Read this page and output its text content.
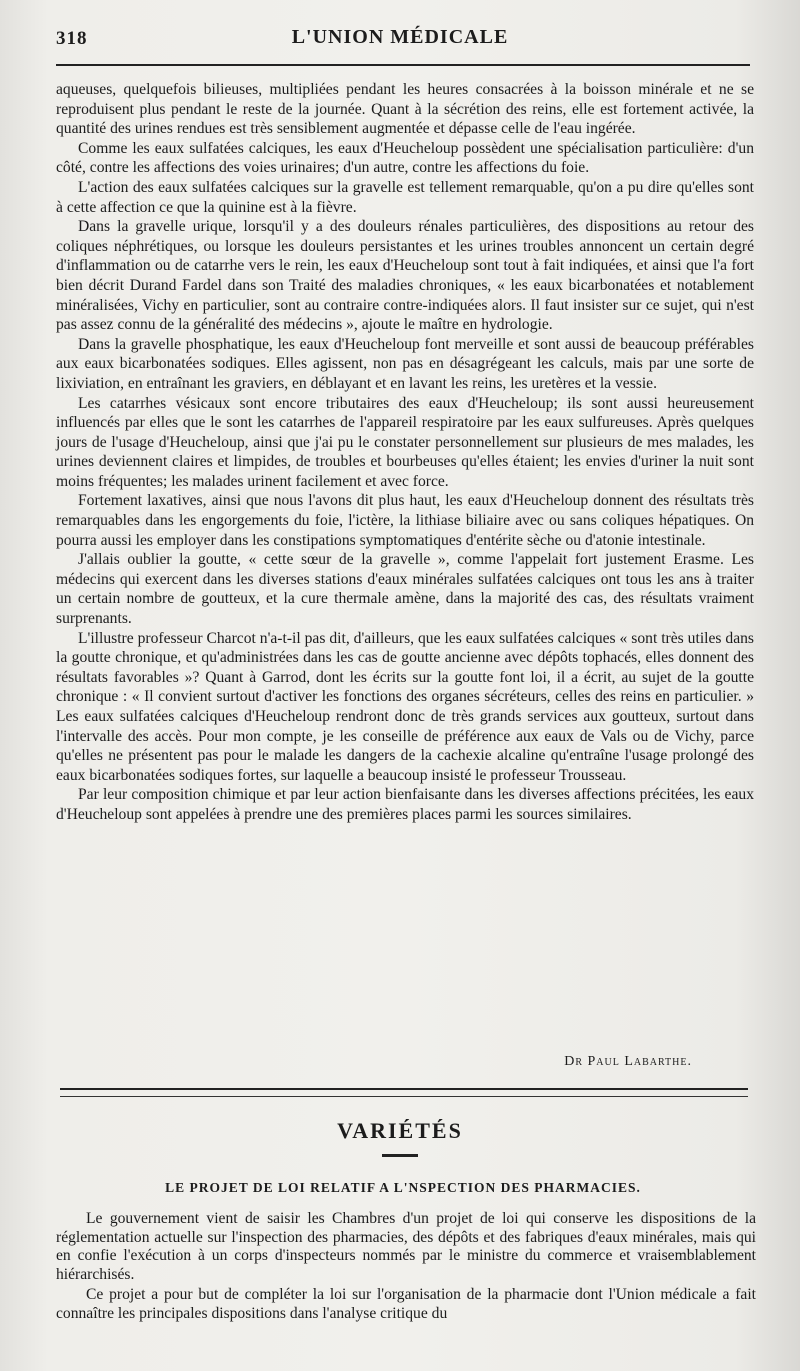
318	L'UNION MÉDICALE

aqueuses, quelquefois bilieuses, multipliées pendant les heures consacrées à la boisson minérale et ne se reproduisent plus pendant le reste de la journée. Quant à la sécrétion des reins, elle est fortement activée, la quantité des urines rendues est très sensiblement augmentée et dépasse celle de l'eau ingérée.

Comme les eaux sulfatées calciques, les eaux d'Heucheloup possèdent une spécialisation particulière: d'un côté, contre les affections des voies urinaires; d'un autre, contre les affections du foie.

L'action des eaux sulfatées calciques sur la gravelle est tellement remarquable, qu'on a pu dire qu'elles sont à cette affection ce que la quinine est à la fièvre.

Dans la gravelle urique, lorsqu'il y a des douleurs rénales particulières, des dispositions au retour des coliques néphrétiques, ou lorsque les douleurs persistantes et les urines troubles annoncent un certain degré d'inflammation ou de catarrhe vers le rein, les eaux d'Heucheloup sont tout à fait indiquées, et ainsi que l'a fort bien décrit Durand Fardel dans son Traité des maladies chroniques, « les eaux bicarbonatées et notablement minéralisées, Vichy en particulier, sont au contraire contre-indiquées alors. Il faut insister sur ce sujet, qui n'est pas assez connu de la généralité des médecins », ajoute le maître en hydrologie.

Dans la gravelle phosphatique, les eaux d'Heucheloup font merveille et sont aussi de beaucoup préférables aux eaux bicarbonatées sodiques. Elles agissent, non pas en désagrégeant les calculs, mais par une sorte de lixiviation, en entraînant les graviers, en déblayant et en lavant les reins, les uretères et la vessie.

Les catarrhes vésicaux sont encore tributaires des eaux d'Heucheloup; ils sont aussi heureusement influencés par elles que le sont les catarrhes de l'appareil respiratoire par les eaux sulfureuses. Après quelques jours de l'usage d'Heucheloup, ainsi que j'ai pu le constater personnellement sur plusieurs de mes malades, les urines deviennent claires et limpides, de troubles et bourbeuses qu'elles étaient; les envies d'uriner la nuit sont moins fréquentes; les malades urinent facilement et avec force.

Fortement laxatives, ainsi que nous l'avons dit plus haut, les eaux d'Heucheloup donnent des résultats très remarquables dans les engorgements du foie, l'ictère, la lithiase biliaire avec ou sans coliques hépatiques. On pourra aussi les employer dans les constipations symptomatiques d'entérite sèche ou d'atonie intestinale.

J'allais oublier la goutte, « cette sœur de la gravelle », comme l'appelait fort justement Erasme. Les médecins qui exercent dans les diverses stations d'eaux minérales sulfatées calciques ont tous les ans à traiter un certain nombre de goutteux, et la cure thermale amène, dans la majorité des cas, des résultats vraiment surprenants.

L'illustre professeur Charcot n'a-t-il pas dit, d'ailleurs, que les eaux sulfatées calciques « sont très utiles dans la goutte chronique, et qu'administrées dans les cas de goutte ancienne avec dépôts tophacés, elles donnent des résultats favorables »? Quant à Garrod, dont les écrits sur la goutte font loi, il a écrit, au sujet de la goutte chronique : « Il convient surtout d'activer les fonctions des organes sécréteurs, celles des reins en particulier. » Les eaux sulfatées calciques d'Heucheloup rendront donc de très grands services aux goutteux, surtout dans l'intervalle des accès. Pour mon compte, je les conseille de préférence aux eaux de Vals ou de Vichy, parce qu'elles ne présentent pas pour le malade les dangers de la cachexie alcaline qu'entraîne l'usage prolongé des eaux bicarbonatées sodiques fortes, sur laquelle a beaucoup insisté le professeur Trousseau.

Par leur composition chimique et par leur action bienfaisante dans les diverses affections précitées, les eaux d'Heucheloup sont appelées à prendre une des premières places parmi les sources similaires.

Dr Paul Labarthe.
VARIÉTÉS
LE PROJET DE LOI RELATIF A L'NSPECTION DES PHARMACIES.

Le gouvernement vient de saisir les Chambres d'un projet de loi qui conserve les dispositions de la réglementation actuelle sur l'inspection des pharmacies, des dépôts et des fabriques d'eaux minérales, mais qui en confie l'exécution à un corps d'inspecteurs nommés par le ministre du commerce et vraisemblablement hiérarchisés.

Ce projet a pour but de compléter la loi sur l'organisation de la pharmacie dont l'Union médicale a fait connaître les principales dispositions dans l'analyse critique du
